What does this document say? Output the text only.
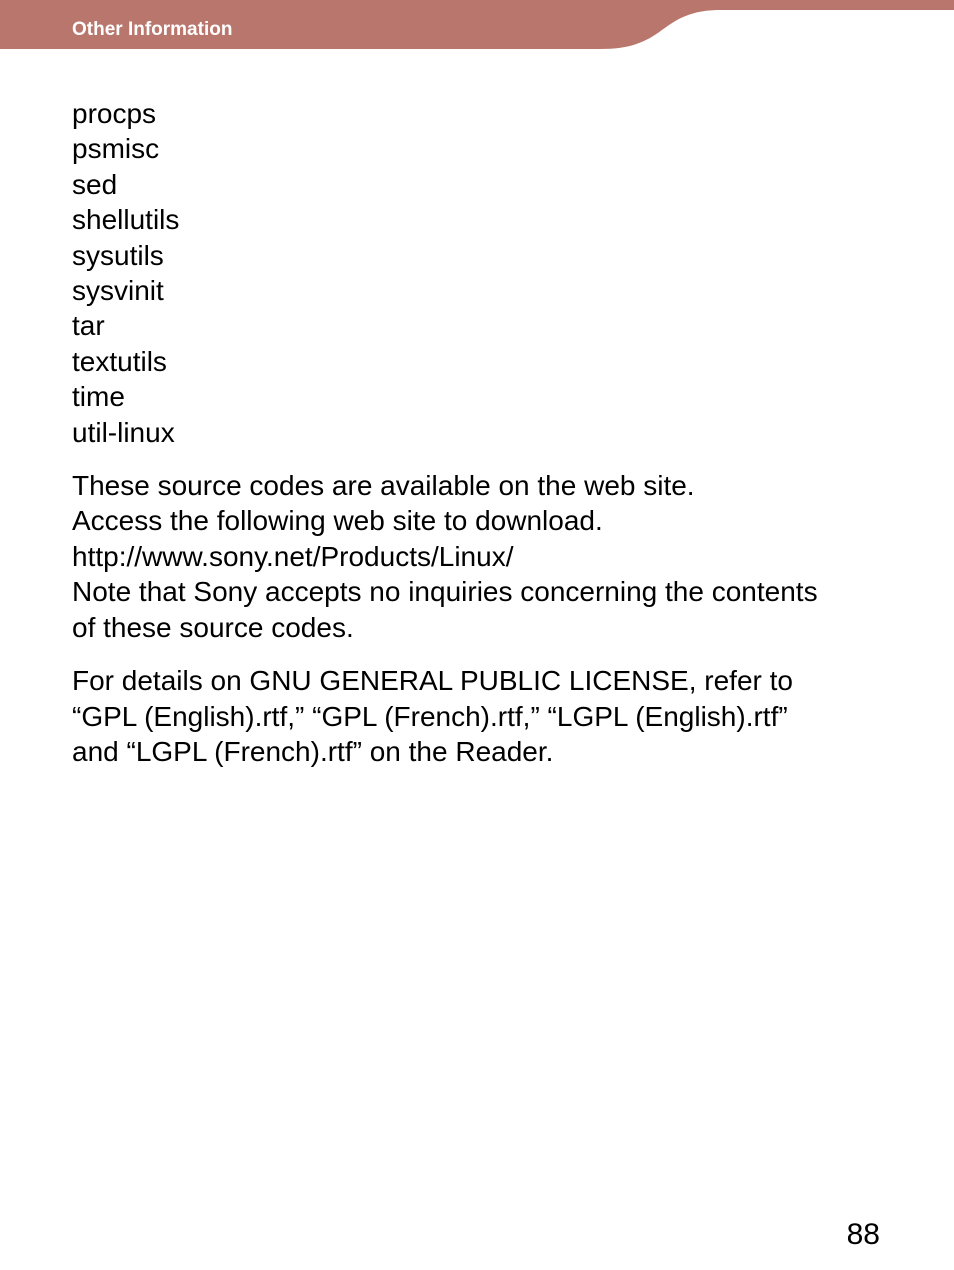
Other Information
procps
psmisc
sed
shellutils
sysutils
sysvinit
tar
textutils
time
util-linux

These source codes are available on the web site.
Access the following web site to download.
http://www.sony.net/Products/Linux/
Note that Sony accepts no inquiries concerning the contents
of these source codes.

For details on GNU GENERAL PUBLIC LICENSE, refer to
“GPL (English).rtf,” “GPL (French).rtf,” “LGPL (English).rtf”
and “LGPL (French).rtf” on the Reader.

88
